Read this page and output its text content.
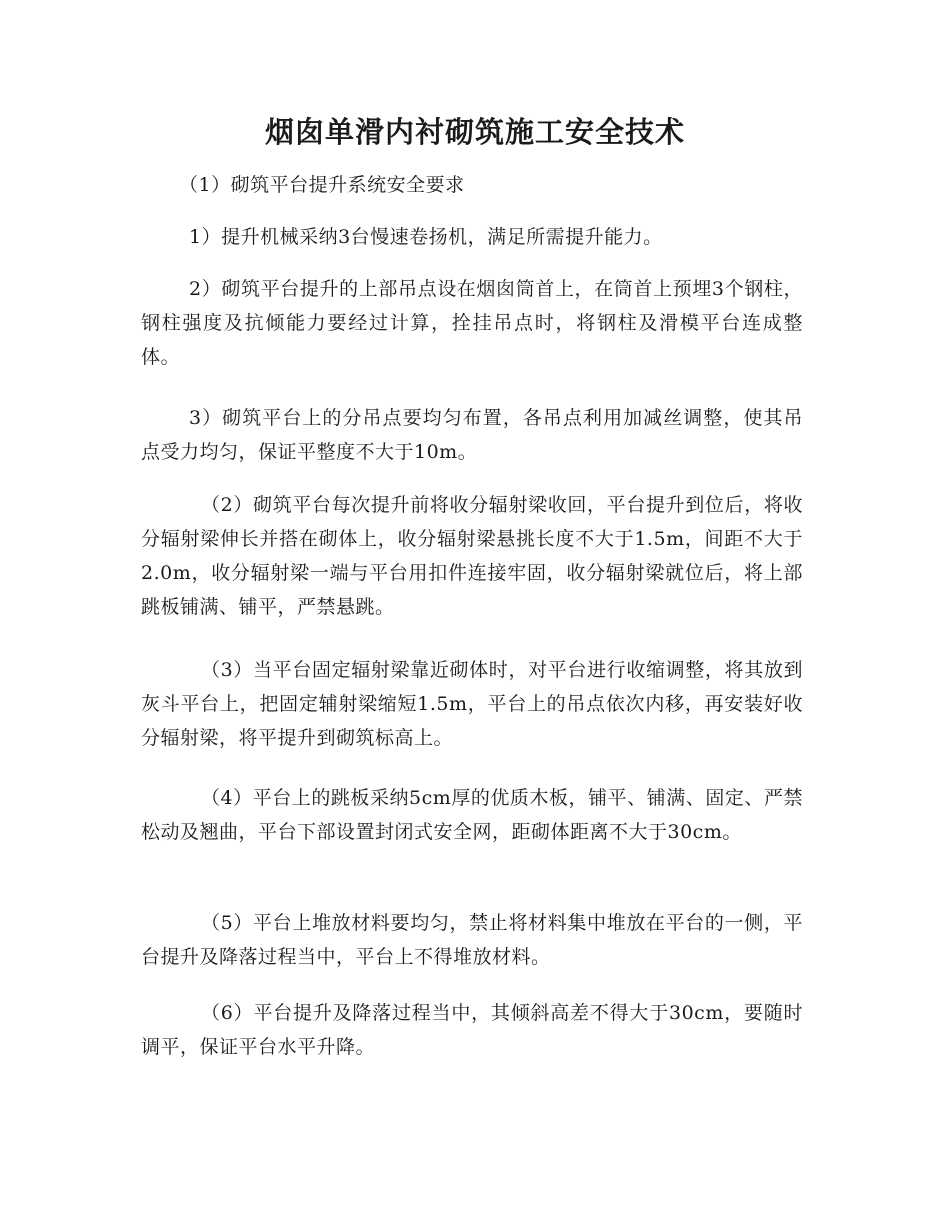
烟囱单滑内衬砌筑施工安全技术

（1）砌筑平台提升系统安全要求

1）提升机械采纳3台慢速卷扬机，满足所需提升能力。

2）砌筑平台提升的上部吊点设在烟囱筒首上，在筒首上预埋3个钢柱，钢柱强度及抗倾能力要经过计算，拴挂吊点时，将钢柱及滑模平台连成整体。

3）砌筑平台上的分吊点要均匀布置，各吊点利用加减丝调整，使其吊点受力均匀，保证平整度不大于10m。

（2）砌筑平台每次提升前将收分辐射梁收回，平台提升到位后，将收分辐射梁伸长并搭在砌体上，收分辐射梁悬挑长度不大于1.5m，间距不大于2.0m，收分辐射梁一端与平台用扣件连接牢固，收分辐射梁就位后，将上部跳板铺满、铺平，严禁悬跳。

（3）当平台固定辐射梁靠近砌体时，对平台进行收缩调整，将其放到灰斗平台上，把固定辅射梁缩短1.5m，平台上的吊点依次内移，再安装好收分辐射梁，将平提升到砌筑标高上。

（4）平台上的跳板采纳5cm厚的优质木板，铺平、铺满、固定、严禁松动及翘曲，平台下部设置封闭式安全网，距砌体距离不大于30cm。

（5）平台上堆放材料要均匀，禁止将材料集中堆放在平台的一侧，平台提升及降落过程当中，平台上不得堆放材料。

（6）平台提升及降落过程当中，其倾斜高差不得大于30cm，要随时调平，保证平台水平升降。
